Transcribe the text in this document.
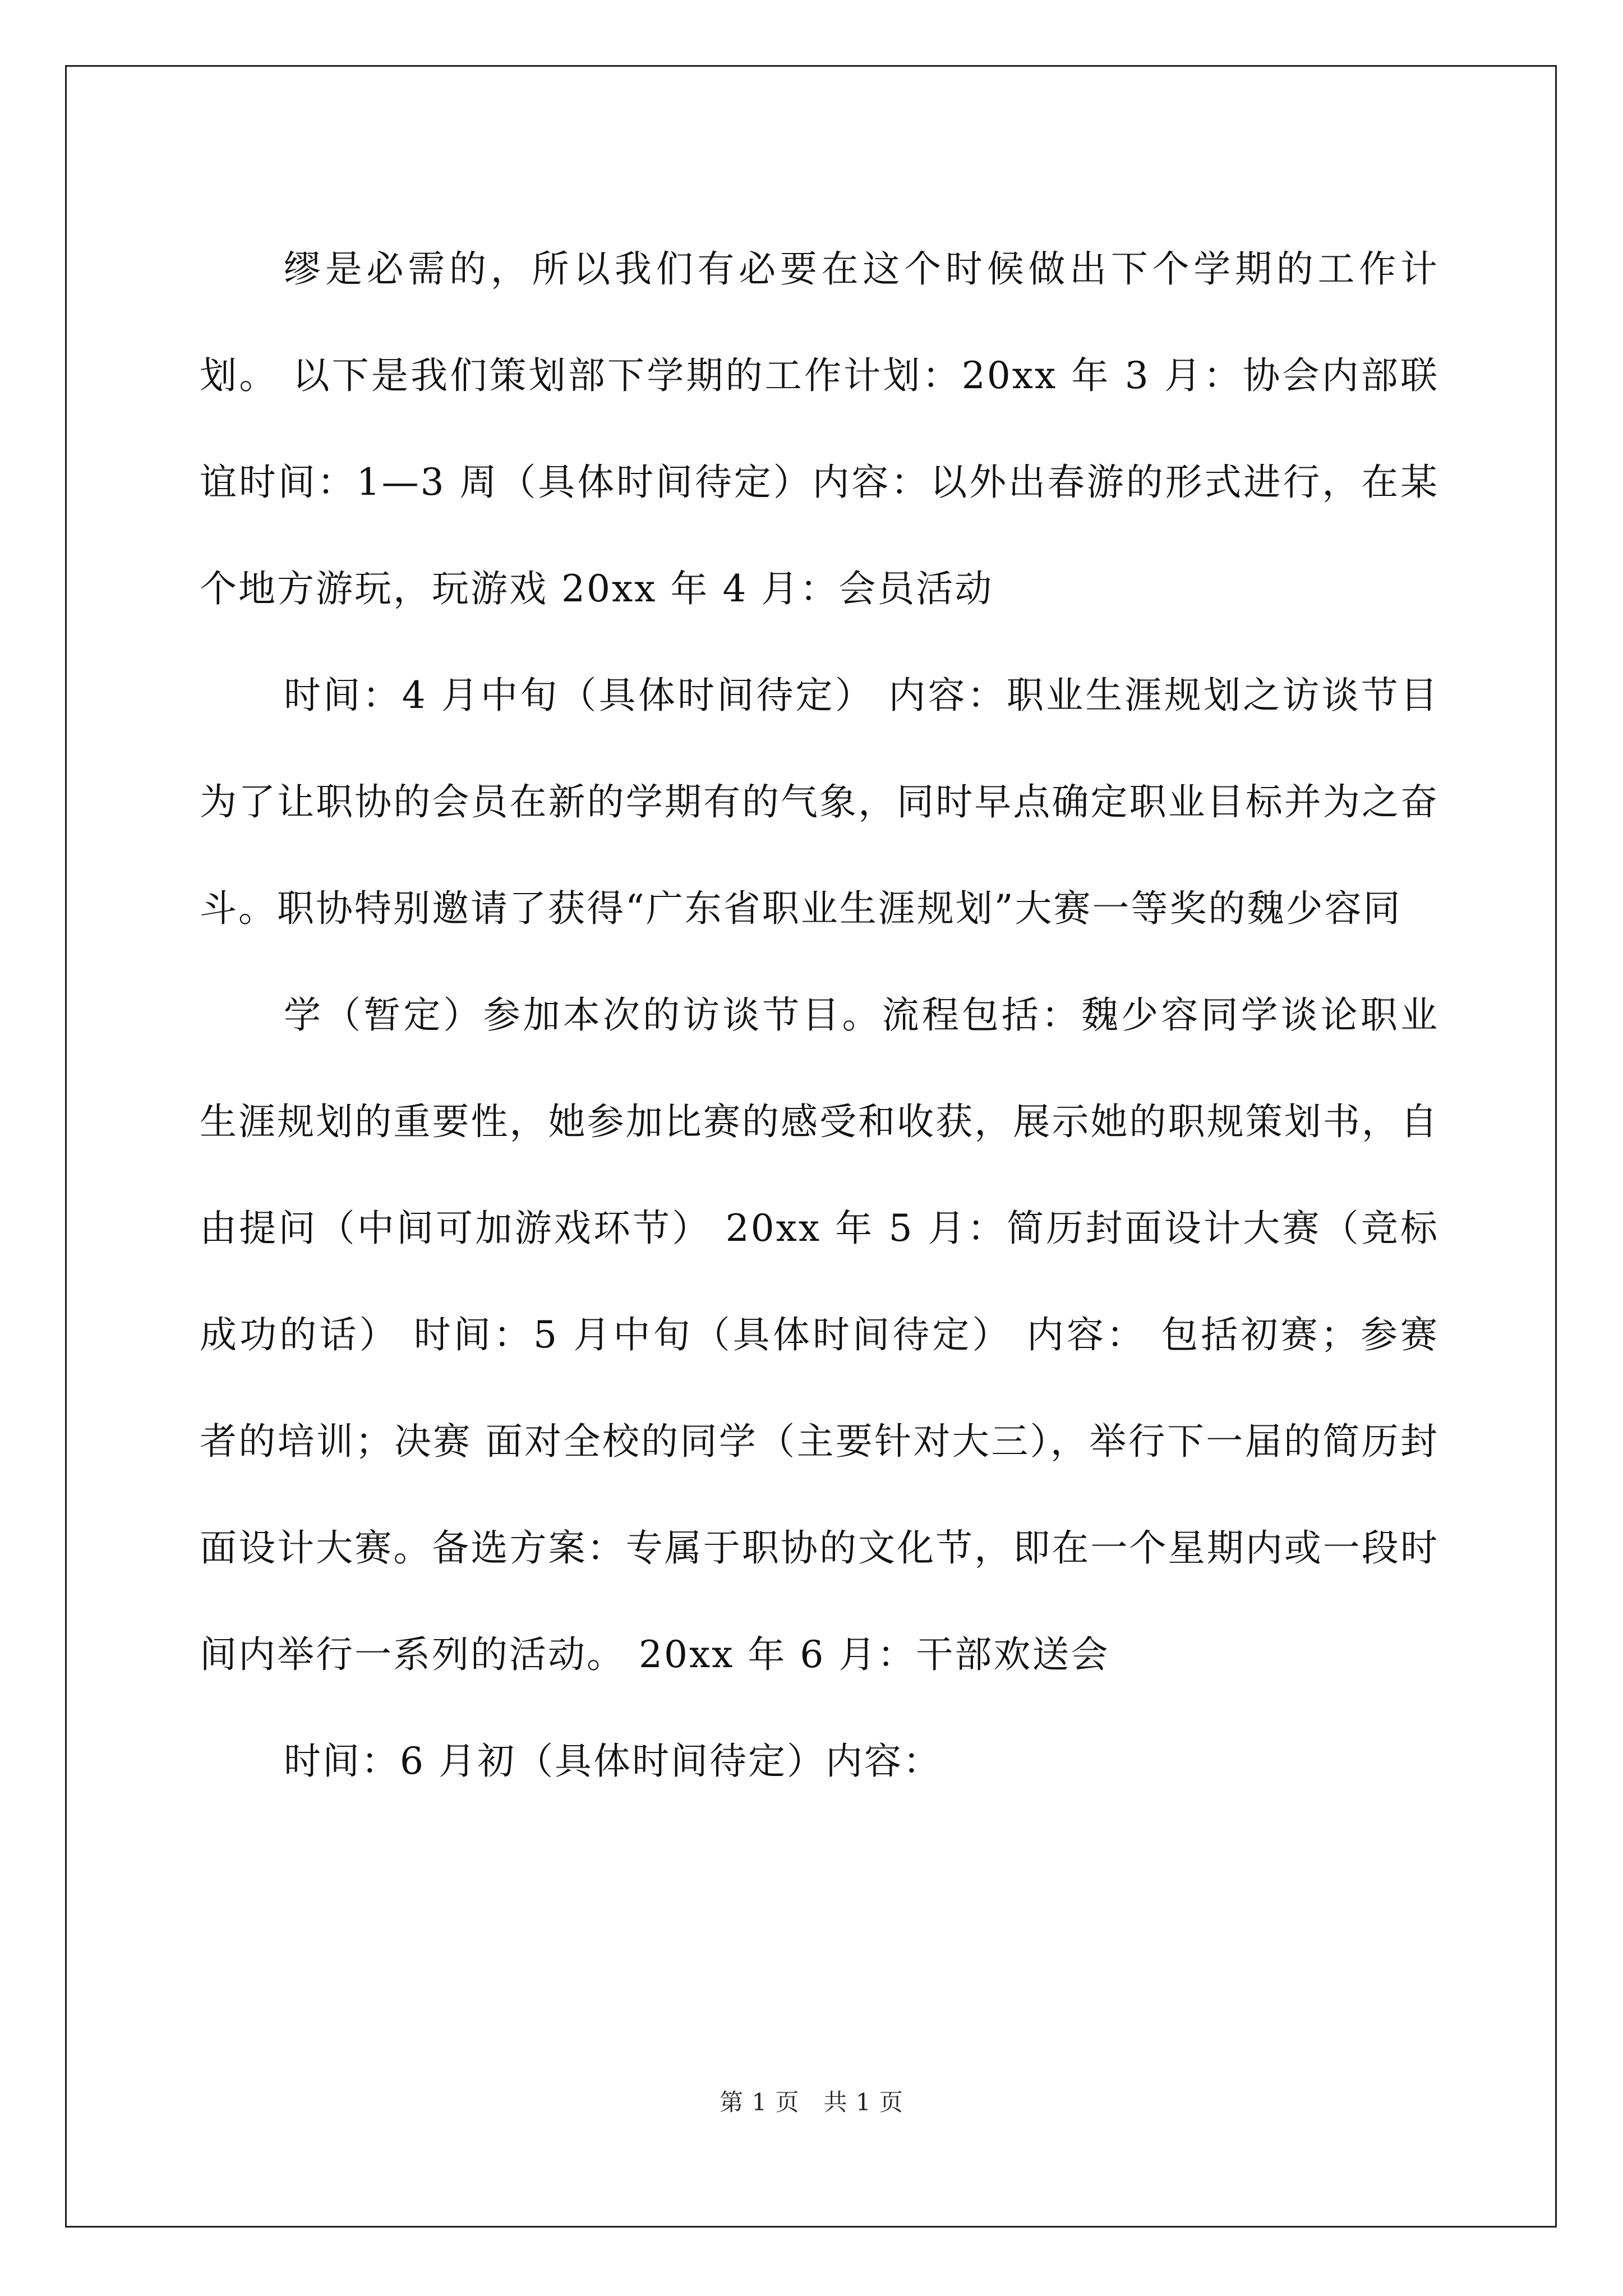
缪是必需的，所以我们有必要在这个时候做出下个学期的工作计划。 以下是我们策划部下学期的工作计划：20xx 年 3 月：协会内部联谊时间：1—3 周（具体时间待定）内容：以外出春游的形式进行，在某个地方游玩，玩游戏 20xx 年 4 月：会员活动

时间：4 月中旬（具体时间待定） 内容：职业生涯规划之访谈节目为了让职协的会员在新的学期有的气象，同时早点确定职业目标并为之奋斗。职协特别邀请了获得“广东省职业生涯规划”大赛一等奖的魏少容同

学（暂定）参加本次的访谈节目。流程包括：魏少容同学谈论职业生涯规划的重要性，她参加比赛的感受和收获，展示她的职规策划书，自由提问（中间可加游戏环节） 20xx 年 5 月：简历封面设计大赛（竞标成功的话） 时间：5 月中旬（具体时间待定） 内容： 包括初赛；参赛者的培训；决赛 面对全校的同学（主要针对大三），举行下一届的简历封面设计大赛。备选方案：专属于职协的文化节，即在一个星期内或一段时间内举行一系列的活动。 20xx 年 6 月：干部欢送会

时间：6 月初（具体时间待定）内容：

第 1 页　共 1 页
